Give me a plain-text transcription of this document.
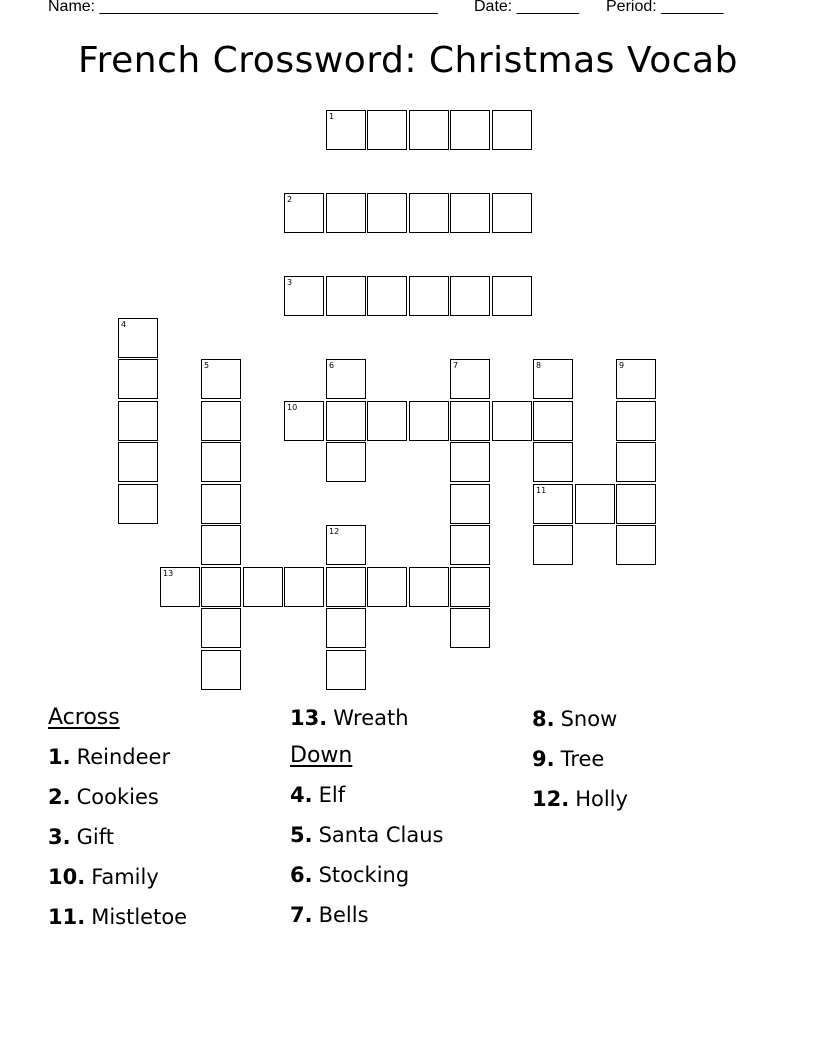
Name: ______________________________________ Date: _______ Period: _______
French Crossword: Christmas Vocab
1
2
3
4
5	6	7	8
11
9
10
12
13
Across
1. Reindeer
2. Cookies
3. Gift
10. Family
11. Mistletoe
13. Wreath
Down
4. Elf
5. Santa Claus
6. Stocking
7. Bells
8. Snow
9. Tree
12. Holly
